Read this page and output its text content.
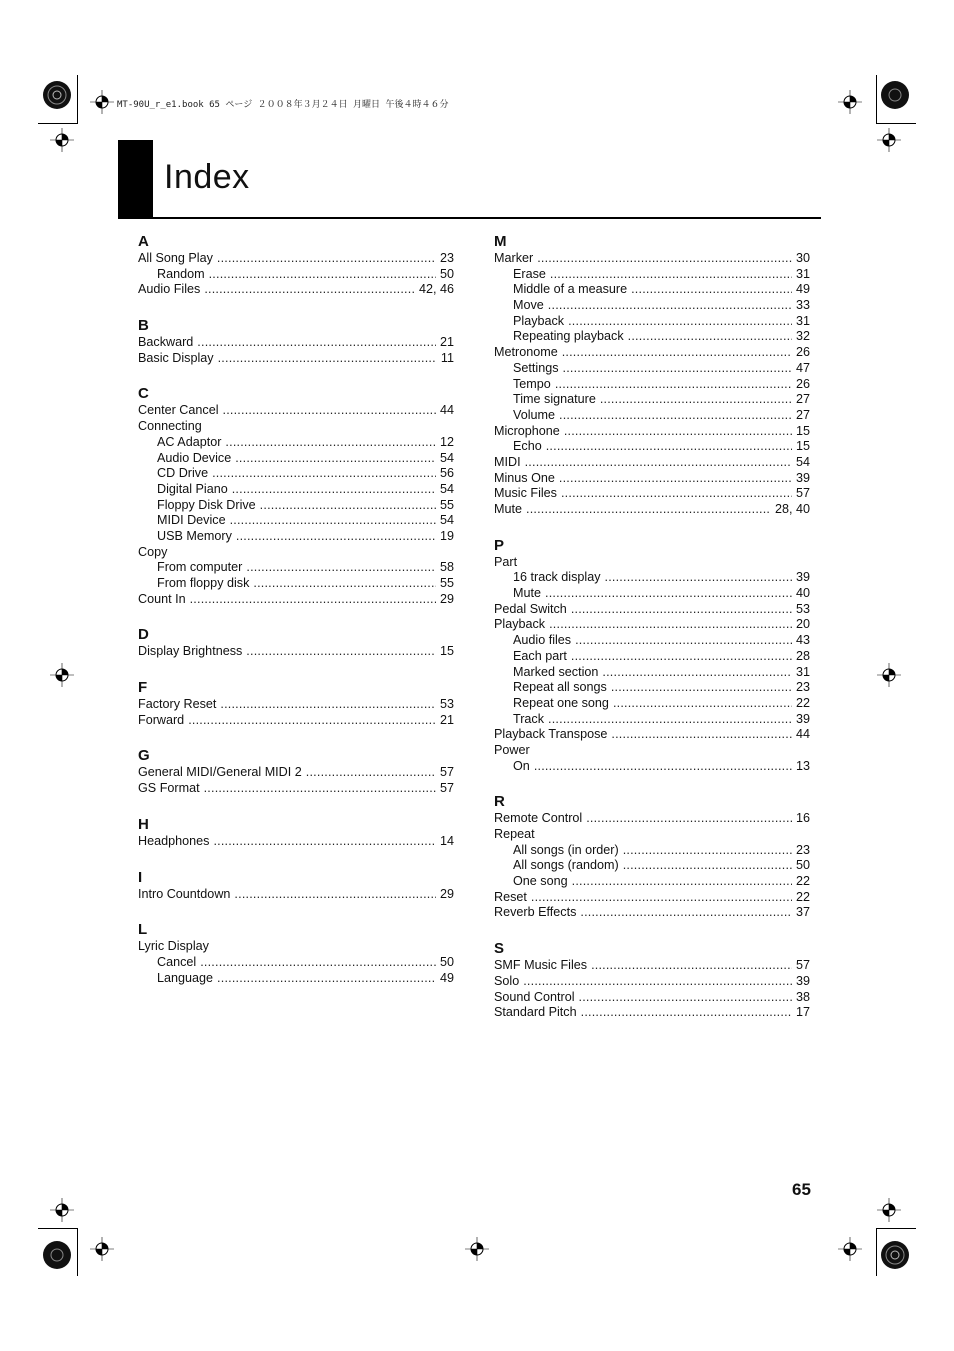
MT-90U_r_e1.book 65 ページ ２００８年３月２４日 月曜日 午後４時４６分
Index
A
All Song Play .....	23
Random .....	50
Audio Files .....	42, 46
B
Backward .....	21
Basic Display .....	11
C
Center Cancel .....	44
Connecting
AC Adaptor .....	12
Audio Device .....	54
CD Drive .....	56
Digital Piano .....	54
Floppy Disk Drive .....	55
MIDI Device .....	54
USB Memory .....	19
Copy
From computer .....	58
From floppy disk .....	55
Count In .....	29
D
Display Brightness .....	15
F
Factory Reset .....	53
Forward .....	21
G
General MIDI/General MIDI 2 .....	57
GS Format .....	57
H
Headphones .....	14
I
Intro Countdown .....	29
L
Lyric Display
Cancel .....	50
Language .....	49
M
Marker .....	30
Erase .....	31
Middle of a measure .....	49
Move .....	33
Playback .....	31
Repeating playback .....	32
Metronome .....	26
Settings .....	47
Tempo .....	26
Time signature .....	27
Volume .....	27
Microphone .....	15
Echo .....	15
MIDI .....	54
Minus One .....	39
Music Files .....	57
Mute .....	28, 40
P
Part
16 track display .....	39
Mute .....	40
Pedal Switch .....	53
Playback .....	20
Audio files .....	43
Each part .....	28
Marked section .....	31
Repeat all songs .....	23
Repeat one song .....	22
Track .....	39
Playback Transpose .....	44
Power
On .....	13
R
Remote Control .....	16
Repeat
All songs (in order) .....	23
All songs (random) .....	50
One song .....	22
Reset .....	22
Reverb Effects .....	37
S
SMF Music Files .....	57
Solo .....	39
Sound Control .....	38
Standard Pitch .....	17
65
